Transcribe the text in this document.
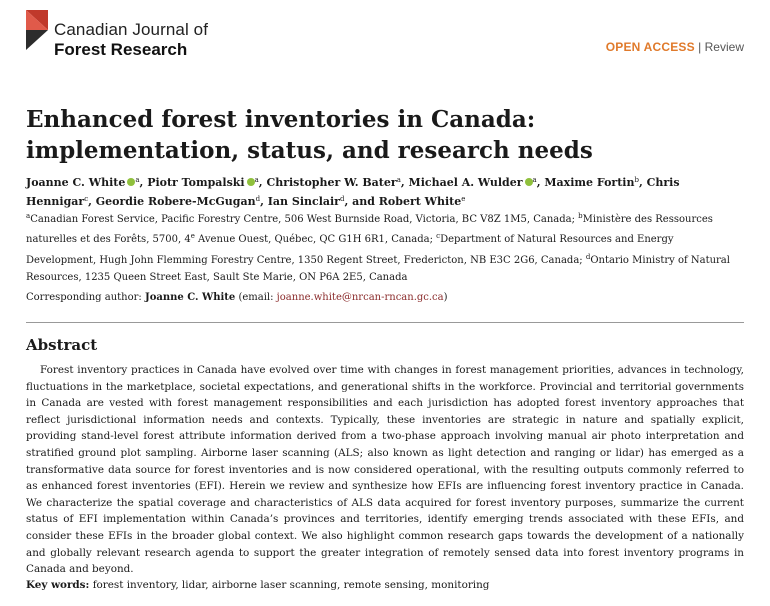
Canadian Journal of
Forest Research	OPEN ACCESS | Review
Enhanced forest inventories in Canada: implementation, status, and research needs
Joanne C. White $^a$, Piotr Tompalski $^a$, Christopher W. Bater$^a$, Michael A. Wulder $^a$, Maxime Fortin$^b$, Chris Hennigar$^c$, Geordie Robere-McGugan$^d$, Ian Sinclair$^d$, and Robert White$^e$
$^a$Canadian Forest Service, Pacific Forestry Centre, 506 West Burnside Road, Victoria, BC V8Z 1M5, Canada; $^b$Ministère des Ressources naturelles et des Forêts, 5700, 4e Avenue Ouest, Québec, QC G1H 6R1, Canada; $^c$Department of Natural Resources and Energy Development, Hugh John Flemming Forestry Centre, 1350 Regent Street, Fredericton, NB E3C 2G6, Canada; $^d$Ontario Ministry of Natural Resources, 1235 Queen Street East, Sault Ste Marie, ON P6A 2E5, Canada
Corresponding author: Joanne C. White (email: joanne.white@nrcan-rncan.gc.ca)
Abstract

Forest inventory practices in Canada have evolved over time with changes in forest management priorities, advances in technology, fluctuations in the marketplace, societal expectations, and generational shifts in the workforce. Provincial and territorial governments in Canada are vested with forest management responsibilities and each jurisdiction has adopted forest inventory approaches that reflect jurisdictional information needs and contexts. Typically, these inventories are strategic in nature and spatially explicit, providing stand-level forest attribute information derived from a two-phase approach involving manual air photo interpretation and stratified ground plot sampling. Airborne laser scanning (ALS; also known as light detection and ranging or lidar) has emerged as a transformative data source for forest inventories and is now considered operational, with the resulting outputs commonly referred to as enhanced forest inventories (EFI). Herein we review and synthesize how EFIs are influencing forest inventory practice in Canada. We characterize the spatial coverage and characteristics of ALS data acquired for forest inventory purposes, summarize the current status of EFI implementation within Canada’s provinces and territories, identify emerging trends associated with these EFIs, and consider these EFIs in the broader global context. We also highlight common research gaps towards the development of a nationally and globally relevant research agenda to support the greater integration of remotely sensed data into forest inventory programs in Canada and beyond.

Key words: forest inventory, lidar, airborne laser scanning, remote sensing, monitoring
